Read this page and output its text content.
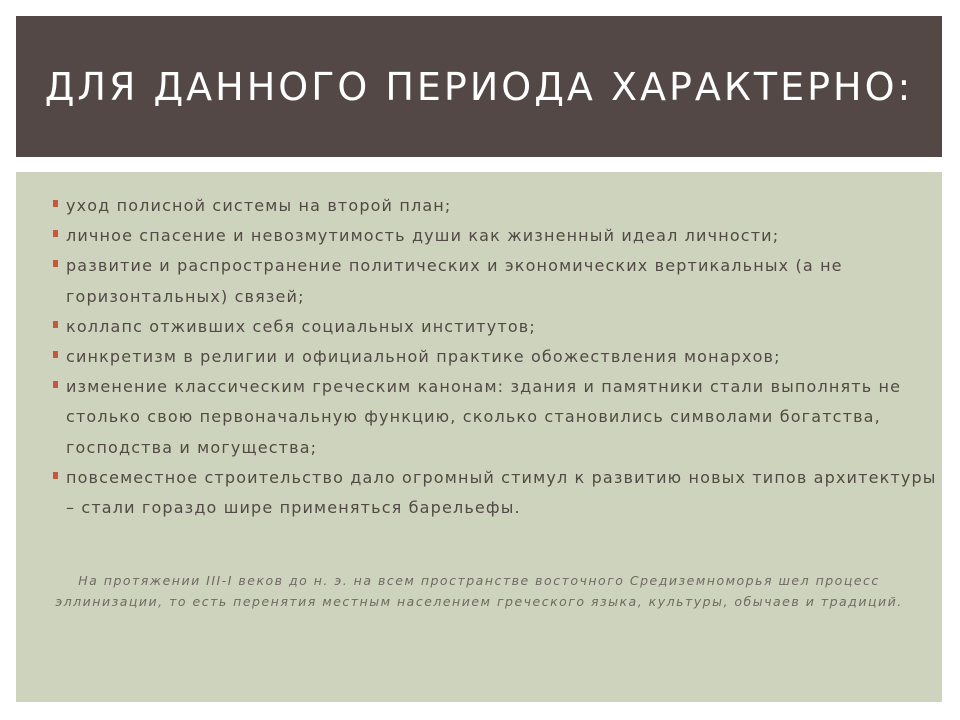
ДЛЯ ДАННОГО ПЕРИОДА ХАРАКТЕРНО:
уход полисной системы на второй план;
личное спасение и невозмутимость души как жизненный идеал личности;
развитие и распространение политических и экономических вертикальных (а не горизонтальных) связей;
коллапс отживших себя социальных институтов;
синкретизм в религии и официальной практике обожествления монархов;
изменение классическим греческим канонам: здания и памятники стали выполнять не столько свою первоначальную функцию, сколько становились символами богатства, господства и могущества;
повсеместное строительство дало огромный стимул к развитию новых типов архитектуры – стали гораздо шире применяться барельефы.

На протяжении III-I веков до н. э. на всем пространстве восточного Средиземноморья шел процесс эллинизации, то есть перенятия местным населением греческого языка, культуры, обычаев и традиций.
